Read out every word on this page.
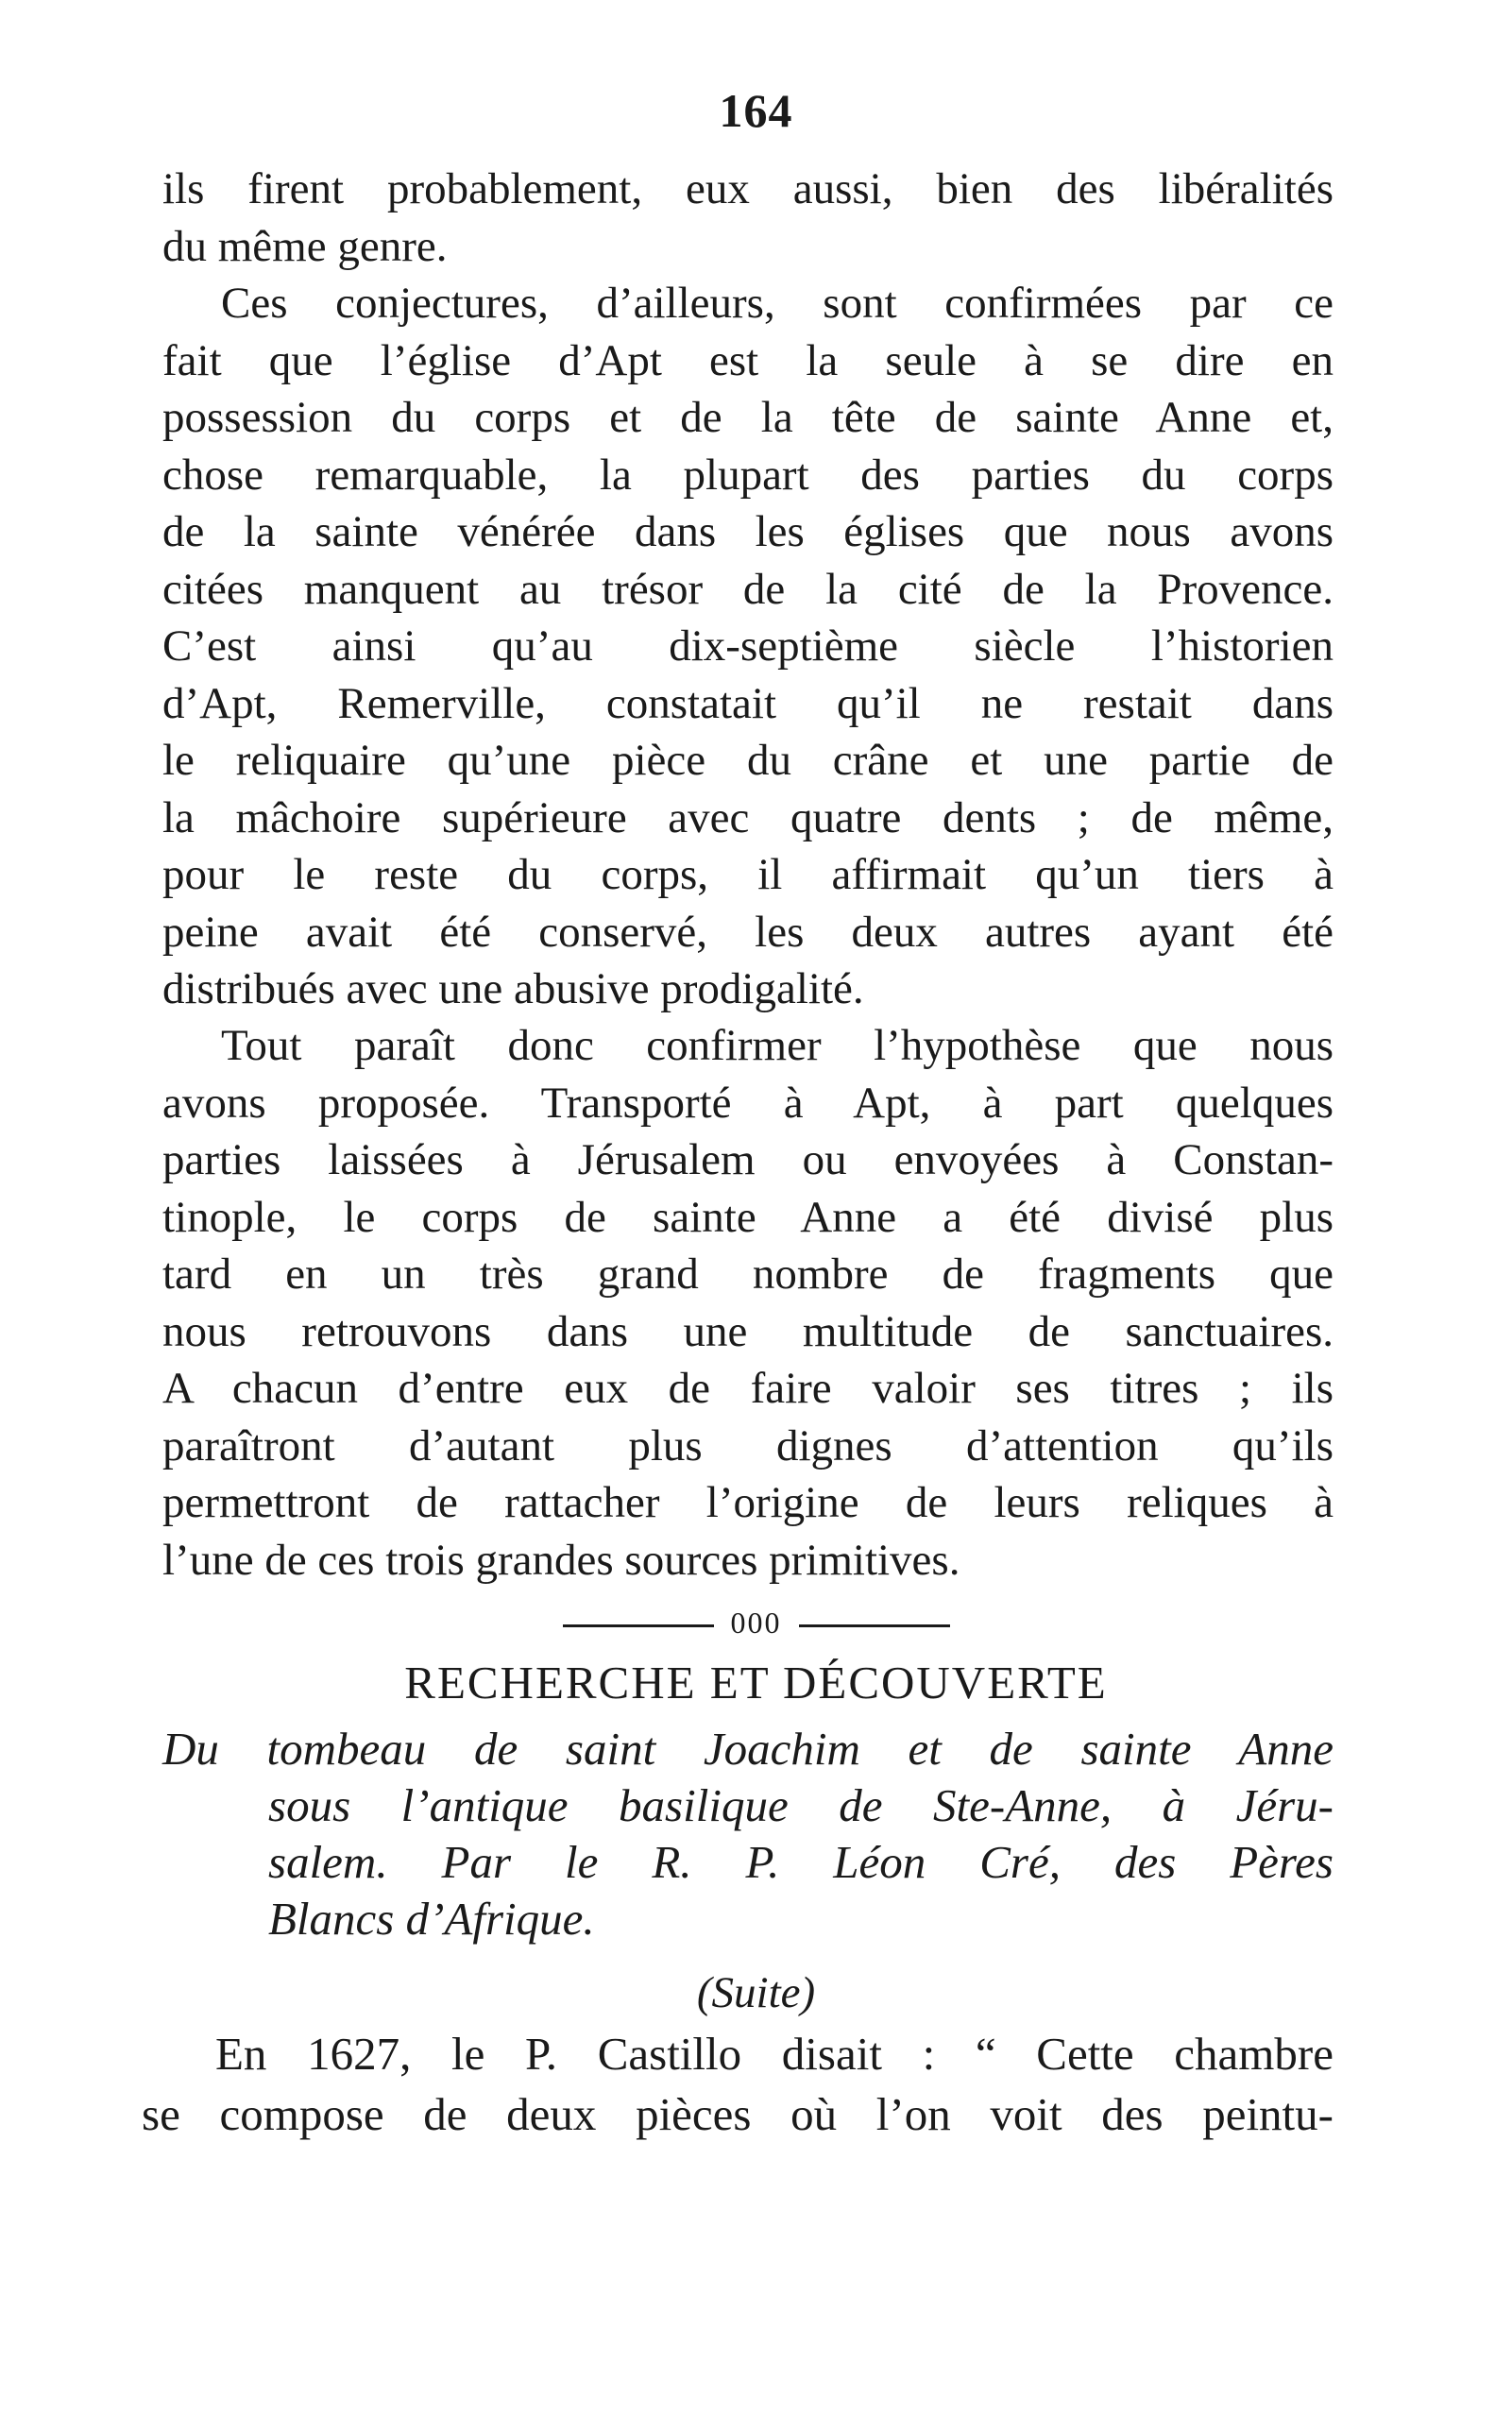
164
ils firent probablement, eux aussi, bien des libéralités
du même genre.
Ces conjectures, d’ailleurs, sont confirmées par ce
fait que l’église d’Apt est la seule à se dire en
possession du corps et de la tête de sainte Anne et,
chose remarquable, la plupart des parties du corps
de la sainte vénérée dans les églises que nous avons
citées manquent au trésor de la cité de la Provence.
C’est ainsi qu’au dix-septième siècle l’historien
d’Apt, Remerville, constatait qu’il ne restait dans
le reliquaire qu’une pièce du crâne et une partie de
la mâchoire supérieure avec quatre dents ; de même,
pour le reste du corps, il affirmait qu’un tiers à
peine avait été conservé, les deux autres ayant été
distribués avec une abusive prodigalité.
Tout paraît donc confirmer l’hypothèse que nous
avons proposée. Transporté à Apt, à part quelques
parties laissées à Jérusalem ou envoyées à Constan-
tinople, le corps de sainte Anne a été divisé plus
tard en un très grand nombre de fragments que
nous retrouvons dans une multitude de sanctuaires.
A chacun d’entre eux de faire valoir ses titres ; ils
paraîtront d’autant plus dignes d’attention qu’ils
permettront de rattacher l’origine de leurs reliques à
l’une de ces trois grandes sources primitives.
000
RECHERCHE ET DÉCOUVERTE
Du tombeau de saint Joachim et de sainte Anne
sous l’antique basilique de Ste-Anne, à Jéru-
salem. Par le R. P. Léon Cré, des Pères
Blancs d’Afrique.
(Suite)
En 1627, le P. Castillo disait : “ Cette chambre
se compose de deux pièces où l’on voit des peintu-
